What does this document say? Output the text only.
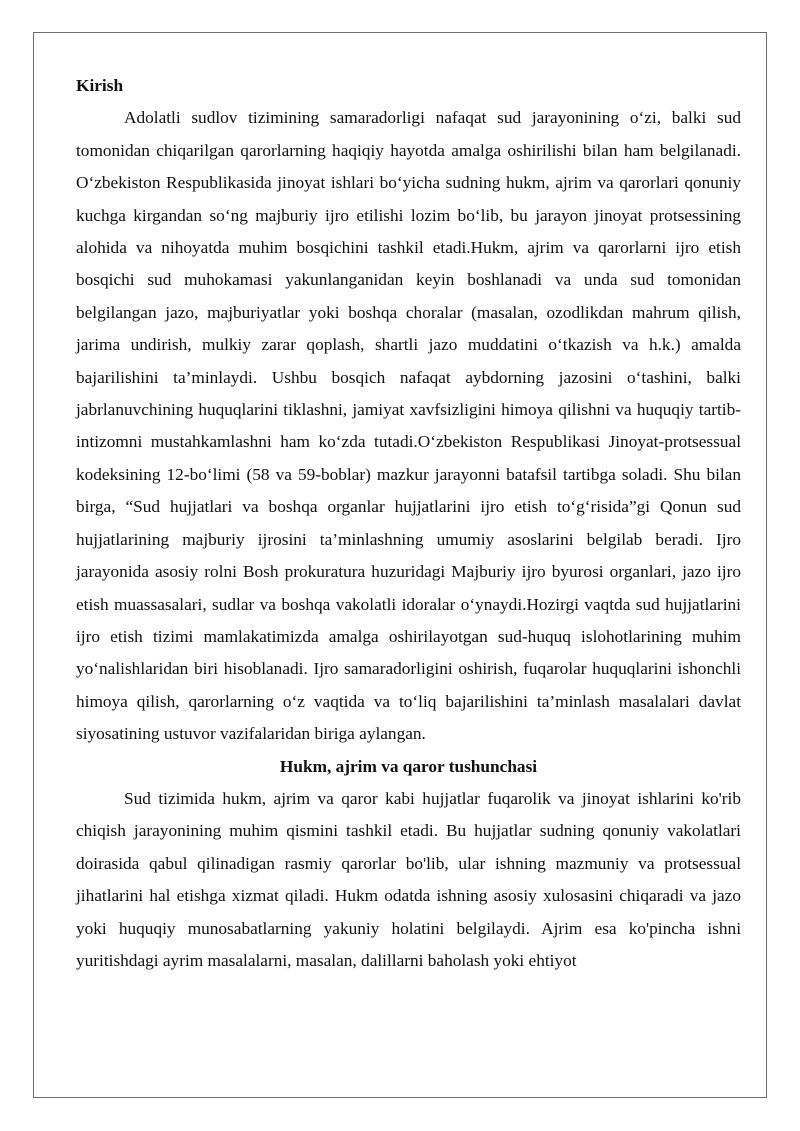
Kirish

Adolatli sudlov tizimining samaradorligi nafaqat sud jarayonining o‘zi, balki sud tomonidan chiqarilgan qarorlarning haqiqiy hayotda amalga oshirilishi bilan ham belgilanadi. O‘zbekiston Respublikasida jinoyat ishlari bo‘yicha sudning hukm, ajrim va qarorlari qonuniy kuchga kirgandan so‘ng majburiy ijro etilishi lozim bo‘lib, bu jarayon jinoyat protsessining alohida va nihoyatda muhim bosqichini tashkil etadi.Hukm, ajrim va qarorlarni ijro etish bosqichi sud muhokamasi yakunlanganidan keyin boshlanadi va unda sud tomonidan belgilangan jazo, majburiyatlar yoki boshqa choralar (masalan, ozodlikdan mahrum qilish, jarima undirish, mulkiy zarar qoplash, shartli jazo muddatini o‘tkazish va h.k.) amalda bajarilishini ta’minlaydi. Ushbu bosqich nafaqat aybdorning jazosini o‘tashini, balki jabrlanuvchining huquqlarini tiklashni, jamiyat xavfsizligini himoya qilishni va huquqiy tartib-intizomni mustahkamlashni ham ko‘zda tutadi.O‘zbekiston Respublikasi Jinoyat-protsessual kodeksining 12-bo‘limi (58 va 59-boblar) mazkur jarayonni batafsil tartibga soladi. Shu bilan birga, “Sud hujjatlari va boshqa organlar hujjatlarini ijro etish to‘g‘risida”gi Qonun sud hujjatlarining majburiy ijrosini ta’minlashning umumiy asoslarini belgilab beradi. Ijro jarayonida asosiy rolni Bosh prokuratura huzuridagi Majburiy ijro byurosi organlari, jazo ijro etish muassasalari, sudlar va boshqa vakolatli idoralar o‘ynaydi.Hozirgi vaqtda sud hujjatlarini ijro etish tizimi mamlakatimizda amalga oshirilayotgan sud-huquq islohotlarining muhim yo‘nalishlaridan biri hisoblanadi. Ijro samaradorligini oshirish, fuqarolar huquqlarini ishonchli himoya qilish, qarorlarning o‘z vaqtida va to‘liq bajarilishini ta’minlash masalalari davlat siyosatining ustuvor vazifalaridan biriga aylangan.

Hukm, ajrim va qaror tushunchasi

Sud tizimida hukm, ajrim va qaror kabi hujjatlar fuqarolik va jinoyat ishlarini ko'rib chiqish jarayonining muhim qismini tashkil etadi. Bu hujjatlar sudning qonuniy vakolatlari doirasida qabul qilinadigan rasmiy qarorlar bo'lib, ular ishning mazmuniy va protsessual jihatlarini hal etishga xizmat qiladi. Hukm odatda ishning asosiy xulosasini chiqaradi va jazo yoki huquqiy munosabatlarning yakuniy holatini belgilaydi. Ajrim esa ko'pincha ishni yuritishdagi ayrim masalalarni, masalan, dalillarni baholash yoki ehtiyot
